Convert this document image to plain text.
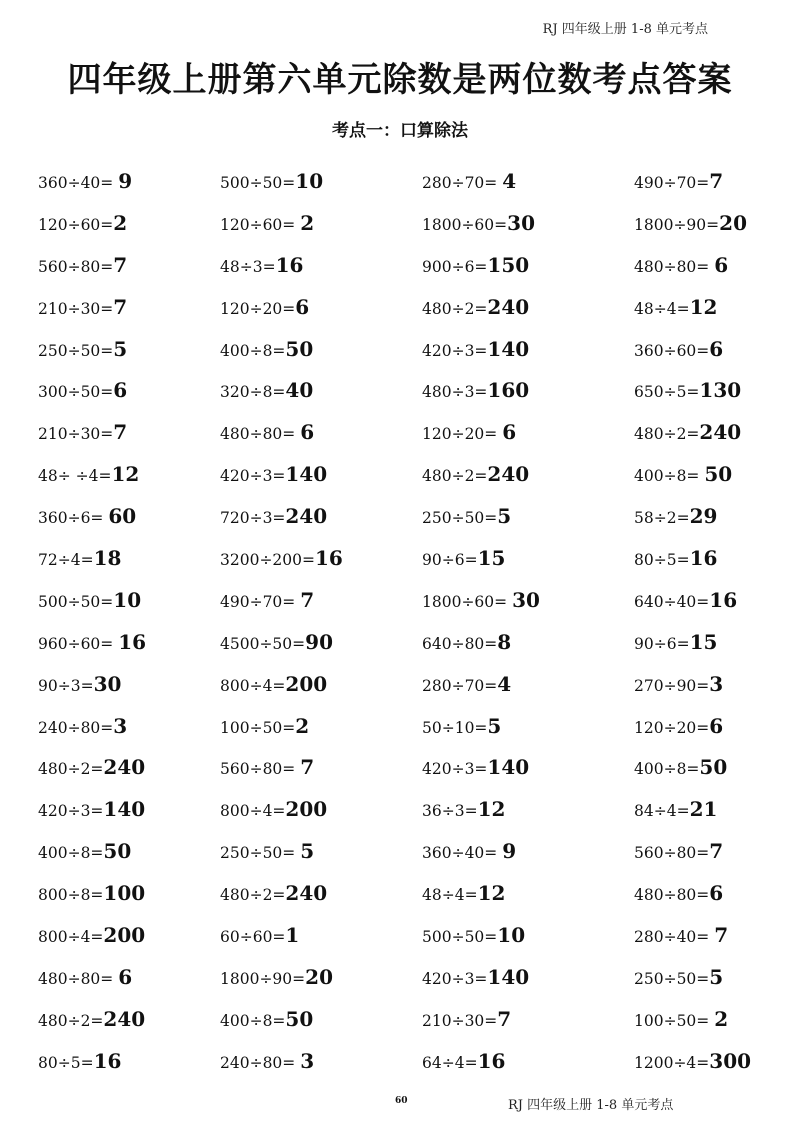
RJ 四年级上册 1-8 单元考点
四年级上册第六单元除数是两位数考点答案
考点一：口算除法
360÷40= 9	500÷50=10	280÷70= 4	490÷70=7
120÷60=2	120÷60= 2	1800÷60=30	1800÷90=20
560÷80=7	48÷3=16	900÷6=150	480÷80= 6
210÷30=7	120÷20=6	480÷2=240	48÷4=12
250÷50=5	400÷8=50	420÷3=140	360÷60=6
300÷50=6	320÷8=40	480÷3=160	650÷5=130
210÷30=7	480÷80= 6	120÷20= 6	480÷2=240
48÷ ÷4=12	420÷3=140	480÷2=240	400÷8= 50
360÷6= 60	720÷3=240	250÷50=5	58÷2=29
72÷4=18	3200÷200=16	90÷6=15	80÷5=16
500÷50=10	490÷70= 7	1800÷60= 30	640÷40=16
960÷60= 16	4500÷50=90	640÷80=8	90÷6=15
90÷3=30	800÷4=200	280÷70=4	270÷90=3
240÷80=3	100÷50=2	50÷10=5	120÷20=6
480÷2=240	560÷80= 7	420÷3=140	400÷8=50
420÷3=140	800÷4=200	36÷3=12	84÷4=21
400÷8=50	250÷50= 5	360÷40= 9	560÷80=7
800÷8=100	480÷2=240	48÷4=12	480÷80=6
800÷4=200	60÷60=1	500÷50=10	280÷40= 7
480÷80= 6	1800÷90=20	420÷3=140	250÷50=5
480÷2=240	400÷8=50	210÷30=7	100÷50= 2
80÷5=16	240÷80= 3	64÷4=16	1200÷4=300
60	RJ 四年级上册 1-8 单元考点
